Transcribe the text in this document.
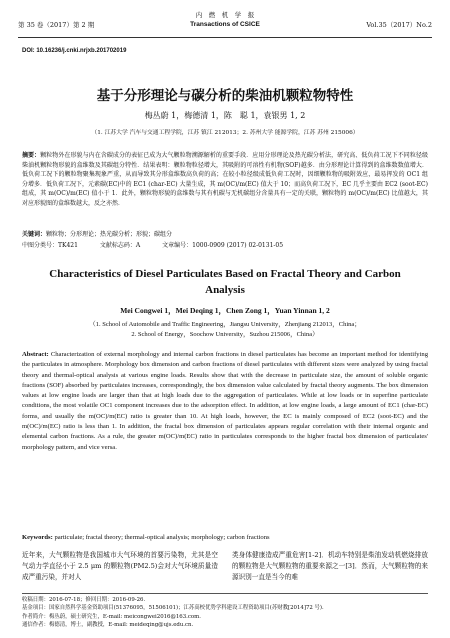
第 35 卷（2017）第 2 期
内　燃　机　学　报
Transactions of CSICE	Vol.35（2017）No.2
DOI: 10.16236/j.cnki.nrjxb.201702019
基于分形理论与碳分析的柴油机颗粒物特性
梅丛蔚 1，梅德清 1，陈　聪 1，袁银男 1, 2
（1. 江苏大学 汽车与交通工程学院，江苏 镇江 212013；2. 苏州大学 能源学院，江苏 苏州 215006）
摘要：颗粒物外在形貌与内在含碳成分的表征已成为大气颗粒物溯源解析的重要手段．应用分形理论及热光碳分析法，研究高、低负荷工况下不同粒径级柴油机颗粒物形貌的盒维数及其碳组分特性．结果表明：颗粒物粒径增大，其吸附的可溶性有机物(SOF)越多．由分形理论计算得到的盒维数数值增大．低负荷工况下的颗粒物聚集现象严重，从而导致其分形盒维数高负荷的高；在较小粒径级成低负荷工况时，因细颗粒物的吸附效应，最易挥发的 OC1 组分增多．低负荷工况下，元素碳(EC)中的 EC1 (char-EC) 大量生成，其 m(OC)/m(EC) 值大于 10；而高负荷工况下，EC 几乎主要由 EC2 (soot-EC) 组成，其 m(OC)/m(EC) 值小于 1．此外，颗粒物形貌的盒维数与其有机碳与无机碳组分含量具有一定的关联，颗粒物的 m(OC)/m(EC) 比值越大，其对应形貌图的盒维数越大，反之亦然．
关键词：颗粒物；分形理论；热光碳分析；形貌；碳组分
中图分类号：TK421	文献标志码：A	文章编号：1000-0909 (2017) 02-0131-05
Characteristics of Diesel Particulates Based on Fractal Theory and Carbon Analysis
Mei Congwei 1，Mei Deqing 1，Chen Zong 1，Yuan Yinnan 1, 2
（1. School of Automobile and Traffic Engineering，Jiangsu University，Zhenjiang 212013，China；
2. School of Energy，Soochow University，Suzhou 215006，China）
Abstract: Characterization of external morphology and internal carbon fractions in diesel particulates has become an important method for identifying the particulates in atmosphere. Morphology box dimension and carbon fractions of diesel particulates with different sizes were analyzed by using fractal theory and thermal-optical analysis at various engine loads. Results show that with the decrease in particulate size, the amount of soluble organic fractions (SOF) absorbed by particulates increases, correspondingly, the box dimension value calculated by fractal theory augments. The box dimension values at low engine loads are larger than that at high loads due to the aggregation of particulates. While at low loads or in superfine particulate conditions, the most volatile OC1 component increases due to the adsorption effect. In addition, at low engine loads, a large amount of EC1 (char-EC) forms, and usually the m(OC)/m(EC) ratio is greater than 10. At high loads, however, the EC is mainly composed of EC2 (soot-EC) and the m(OC)/m(EC) ratio is less than 1. In addition, the fractal box dimension of particulates appears regular correlation with their internal organic and elemental carbon fractions. As a rule, the greater m(OC)/m(EC) ratio in particulates corresponds to the higher fractal box dimension of particulates' morphology pattern, and vice versa.
Keywords: particulate; fractal theory; thermal-optical analysis; morphology; carbon fractions
近年来，大气颗粒物是我国城市大气环境的首要污染物，尤其是空气动力学直径小于 2.5 μm 的颗粒物(PM2.5)会对大气环境质量造成严重污染，并对人
类身体健康造成严重危害[1-2]．机动车特别是柴油发动机燃烧排放的颗粒物是大气颗粒物的重要来源之一[3]．然而，大气颗粒物的来源识别一直是当今的难
收稿日期：2016-07-18；修回日期：2016-09-26．
基金项目：国家自然科学基金资助项目(51376095，51506101)；江苏高校优势学科建设工程资助项目(苏财教[2014]72 号)．
作者简介：梅丛蔚，硕士研究生，E-mail: meicongwei2016@163.com．
通信作者：梅德清，博士，副教授，E-mail: meideqing@ujs.edu.cn．
